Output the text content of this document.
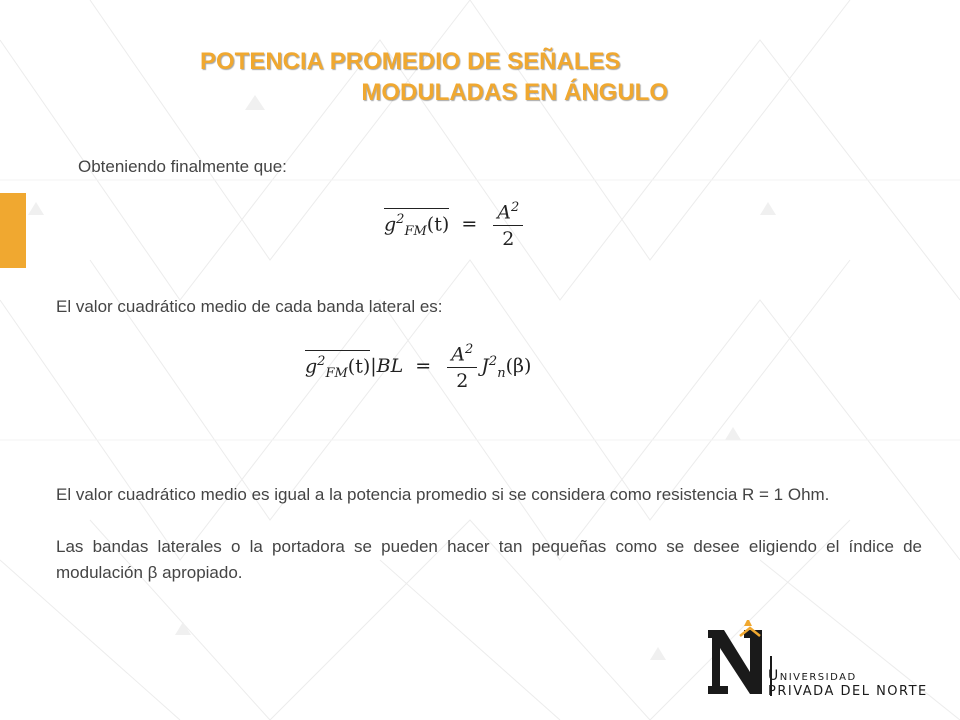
POTENCIA PROMEDIO DE SEÑALES
MODULADAS EN ÁNGULO
Obteniendo finalmente que:
$g^2_{FM}(t) = \frac{A^2}{2}$
El valor cuadrático medio de cada banda lateral es:
$g^2_{FM}(t)|BL = \frac{A^2}{2} J^2_n(\beta)$
El valor cuadrático medio es igual a la potencia promedio si se considera como resistencia R = 1 Ohm.
Las bandas laterales o la portadora se pueden hacer tan pequeñas como se desee eligiendo el índice de modulación β apropiado.
Universidad
PRIVADA DEL NORTE
